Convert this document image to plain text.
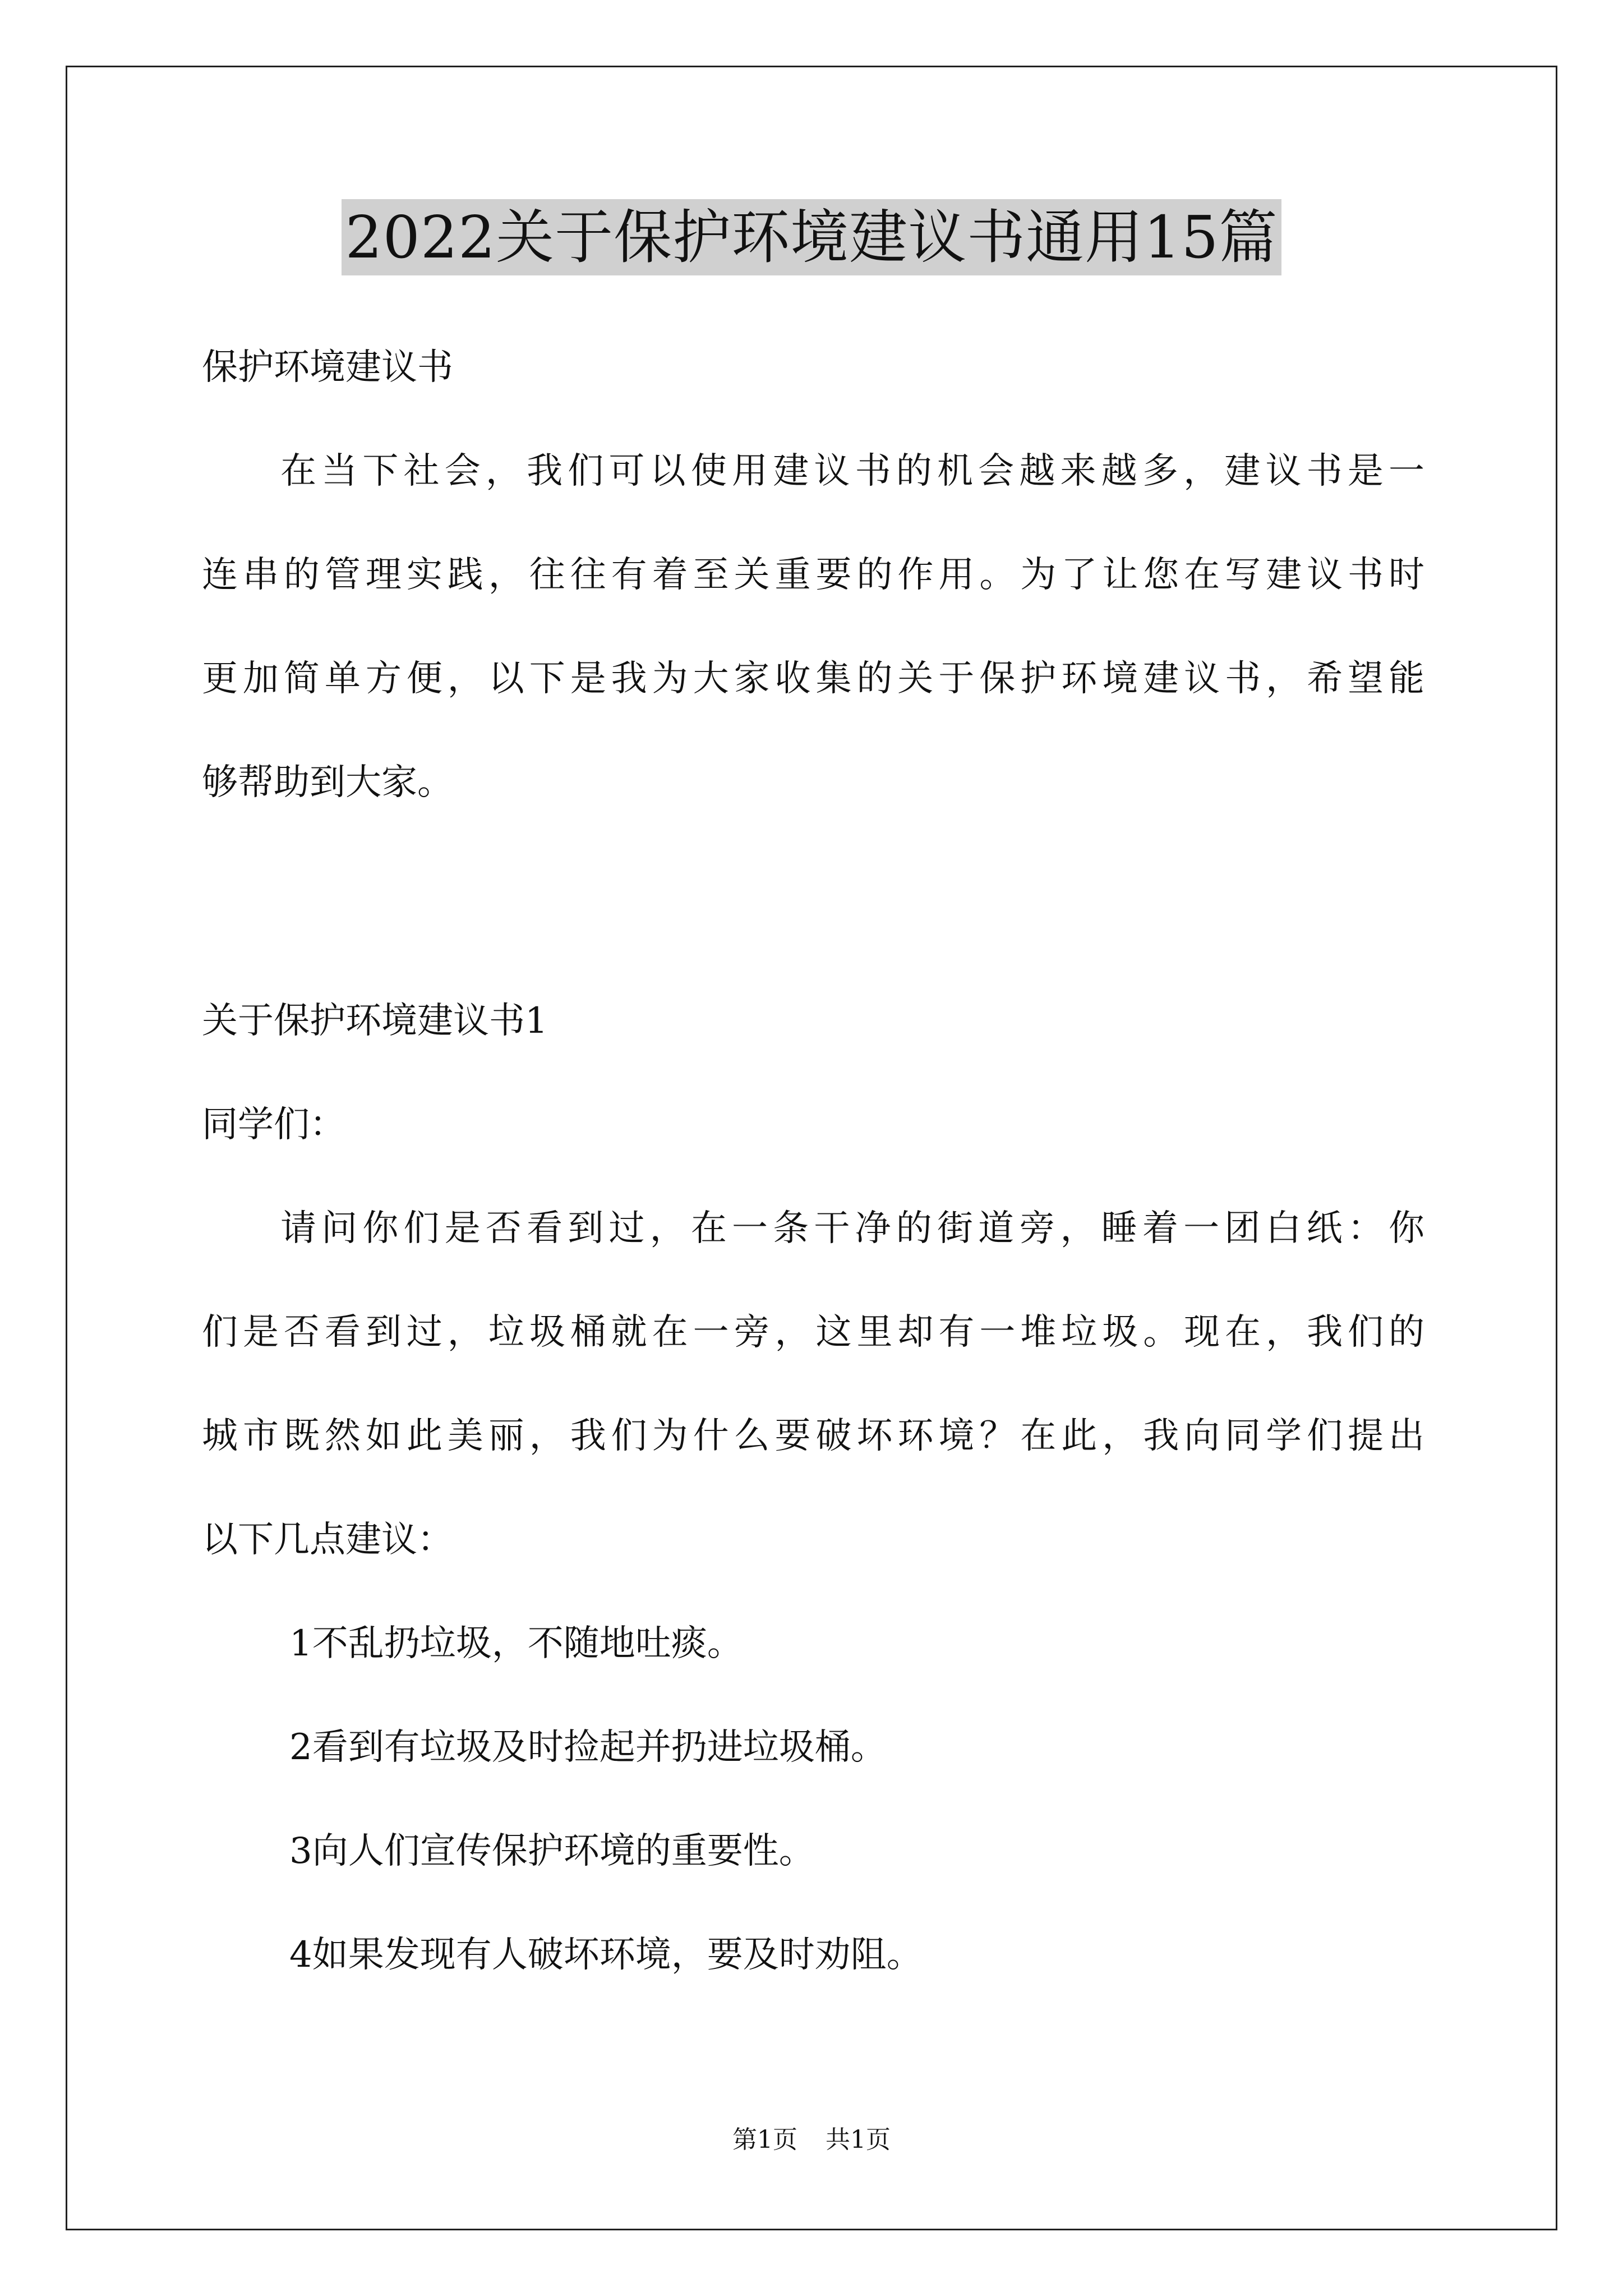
2022关于保护环境建议书通用15篇
保护环境建议书
在当下社会，我们可以使用建议书的机会越来越多，建议书是一
连串的管理实践，往往有着至关重要的作用。为了让您在写建议书时
更加简单方便，以下是我为大家收集的关于保护环境建议书，希望能
够帮助到大家。
关于保护环境建议书1
同学们：
请问你们是否看到过，在一条干净的街道旁，睡着一团白纸：你
们是否看到过，垃圾桶就在一旁，这里却有一堆垃圾。现在，我们的
城市既然如此美丽，我们为什么要破坏环境？在此，我向同学们提出
以下几点建议：
1不乱扔垃圾，不随地吐痰。
2看到有垃圾及时捡起并扔进垃圾桶。
3向人们宣传保护环境的重要性。
4如果发现有人破坏环境，要及时劝阻。
第1页 共1页
